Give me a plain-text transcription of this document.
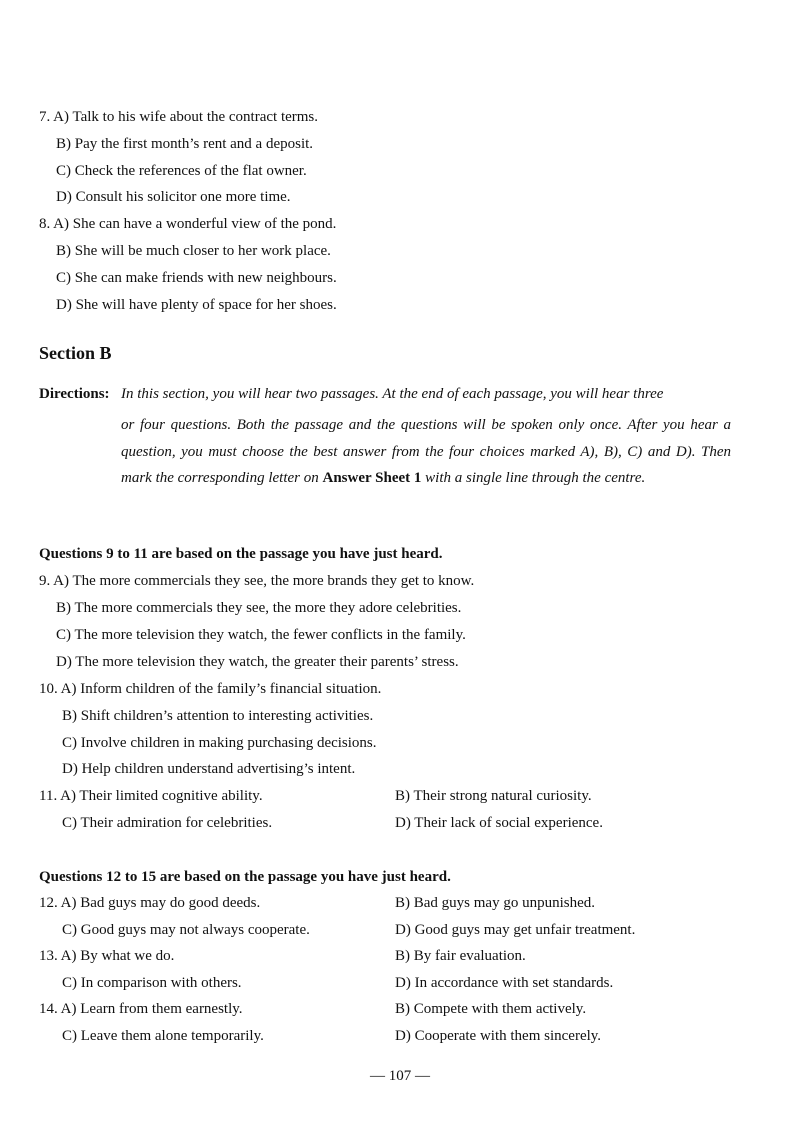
7. A) Talk to his wife about the contract terms.
B) Pay the first month’s rent and a deposit.
C) Check the references of the flat owner.
D) Consult his solicitor one more time.
8. A) She can have a wonderful view of the pond.
B) She will be much closer to her work place.
C) She can make friends with new neighbours.
D) She will have plenty of space for her shoes.
Section B
Directions: In this section, you will hear two passages. At the end of each passage, you will hear three
or four questions. Both the passage and the questions will be spoken only once. After you hear a question, you must choose the best answer from the four choices marked A), B), C) and D). Then mark the corresponding letter on Answer Sheet 1 with a single line through the centre.
Questions 9 to 11 are based on the passage you have just heard.
9. A) The more commercials they see, the more brands they get to know.
B) The more commercials they see, the more they adore celebrities.
C) The more television they watch, the fewer conflicts in the family.
D) The more television they watch, the greater their parents’ stress.
10. A) Inform children of the family’s financial situation.
B) Shift children’s attention to interesting activities.
C) Involve children in making purchasing decisions.
D) Help children understand advertising’s intent.
11. A) Their limited cognitive ability.	B) Their strong natural curiosity.
C) Their admiration for celebrities.	D) Their lack of social experience.
Questions 12 to 15 are based on the passage you have just heard.
12. A) Bad guys may do good deeds.	B) Bad guys may go unpunished.
C) Good guys may not always cooperate.	D) Good guys may get unfair treatment.
13. A) By what we do.	B) By fair evaluation.
C) In comparison with others.	D) In accordance with set standards.
14. A) Learn from them earnestly.	B) Compete with them actively.
C) Leave them alone temporarily.	D) Cooperate with them sincerely.
— 107 —
